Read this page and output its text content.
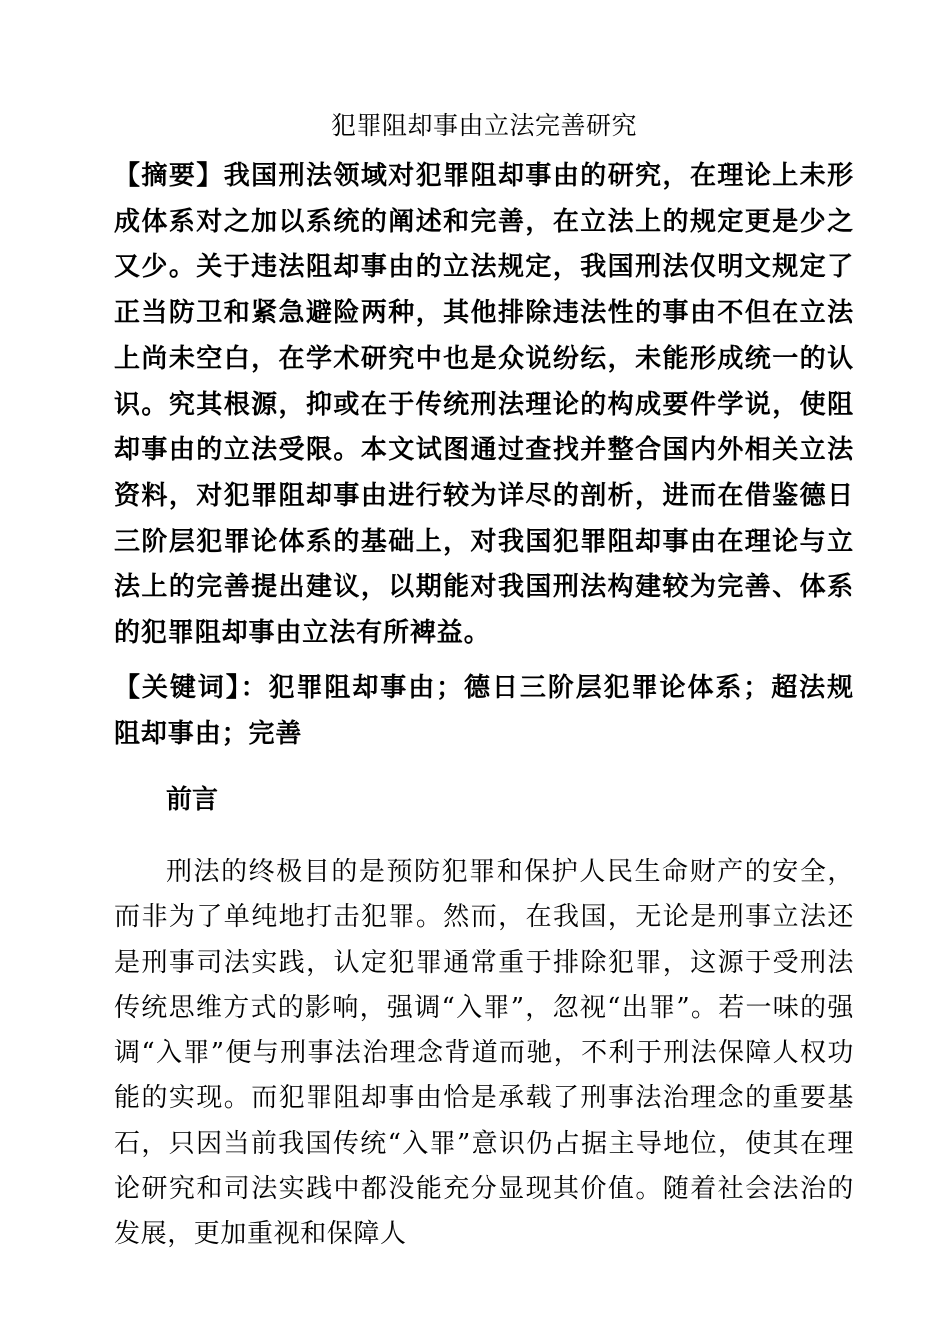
犯罪阻却事由立法完善研究

【摘要】我国刑法领域对犯罪阻却事由的研究，在理论上未形成体系对之加以系统的阐述和完善，在立法上的规定更是少之又少。关于违法阻却事由的立法规定，我国刑法仅明文规定了正当防卫和紧急避险两种，其他排除违法性的事由不但在立法上尚未空白，在学术研究中也是众说纷纭，未能形成统一的认识。究其根源，抑或在于传统刑法理论的构成要件学说，使阻却事由的立法受限。本文试图通过查找并整合国内外相关立法资料，对犯罪阻却事由进行较为详尽的剖析，进而在借鉴德日三阶层犯罪论体系的基础上，对我国犯罪阻却事由在理论与立法上的完善提出建议，以期能对我国刑法构建较为完善、体系的犯罪阻却事由立法有所裨益。

【关键词】：犯罪阻却事由；德日三阶层犯罪论体系；超法规阻却事由；完善

前言

刑法的终极目的是预防犯罪和保护人民生命财产的安全，而非为了单纯地打击犯罪。然而，在我国，无论是刑事立法还是刑事司法实践，认定犯罪通常重于排除犯罪，这源于受刑法传统思维方式的影响，强调“入罪”，忽视“出罪”。若一味的强调“入罪”便与刑事法治理念背道而驰，不利于刑法保障人权功能的实现。而犯罪阻却事由恰是承载了刑事法治理念的重要基石，只因当前我国传统“入罪”意识仍占据主导地位，使其在理论研究和司法实践中都没能充分显现其价值。随着社会法治的发展，更加重视和保障人
